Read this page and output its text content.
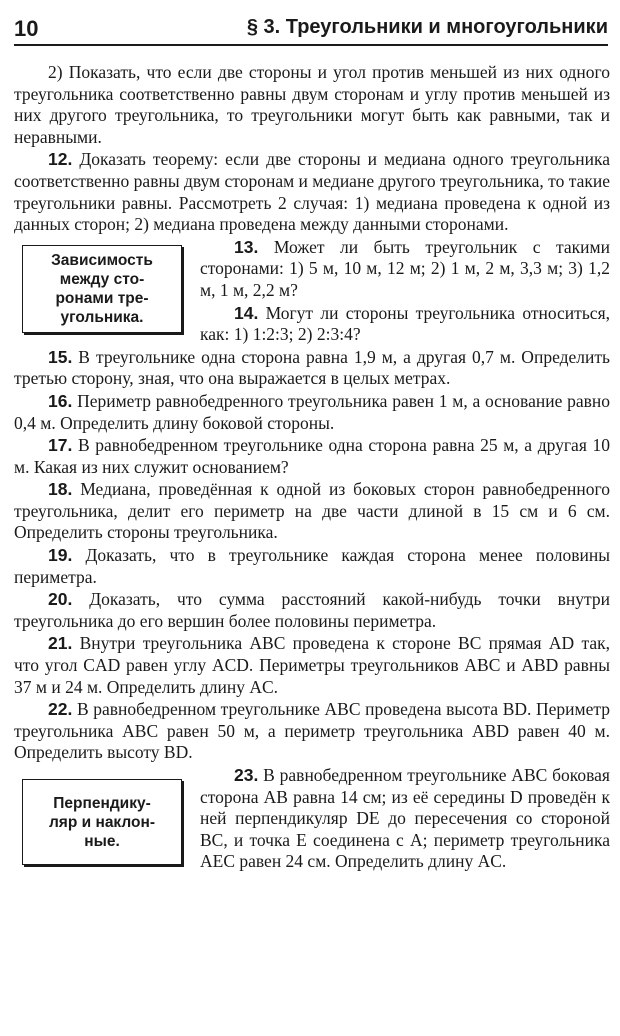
10	§ 3. Треугольники и многоугольники

2) Показать, что если две стороны и угол против меньшей из них одного треугольника соответственно равны двум сторонам и углу против меньшей из них другого треугольника, то треугольники могут быть как равными, так и неравными.

12. Доказать теорему: если две стороны и медиана одного треугольника соответственно равны двум сторонам и медиане другого треугольника, то такие треугольники равны. Рассмотреть 2 случая: 1) медиана проведена к одной из данных сторон; 2) медиана проведена между данными сторонами.

Зависимость
между сто-
ронами тре-
угольника.

13. Может ли быть треугольник с такими сторонами: 1) 5 м, 10 м, 12 м; 2) 1 м, 2 м, 3,3 м; 3) 1,2 м, 1 м, 2,2 м?

14. Могут ли стороны треугольника относиться, как: 1) 1:2:3; 2) 2:3:4?

15. В треугольнике одна сторона равна 1,9 м, а другая 0,7 м. Определить третью сторону, зная, что она выражается в целых метрах.

16. Периметр равнобедренного треугольника равен 1 м, а основание равно 0,4 м. Определить длину боковой стороны.

17. В равнобедренном треугольнике одна сторона равна 25 м, а другая 10 м. Какая из них служит основанием?

18. Медиана, проведённая к одной из боковых сторон равнобедренного треугольника, делит его периметр на две части длиной в 15 см и 6 см. Определить стороны треугольника.

19. Доказать, что в треугольнике каждая сторона менее половины периметра.

20. Доказать, что сумма расстояний какой-нибудь точки внутри треугольника до его вершин более половины периметра.

21. Внутри треугольника ABC проведена к стороне BC прямая AD так, что угол CAD равен углу ACD. Периметры треугольников ABC и ABD равны 37 м и 24 м. Определить длину AC.

22. В равнобедренном треугольнике ABC проведена высота BD. Периметр треугольника ABC равен 50 м, а периметр треугольника ABD равен 40 м. Определить высоту BD.

Перпендику-
ляр и наклон-
ные.

23. В равнобедренном треугольнике ABC боковая сторона AB равна 14 см; из её середины D проведён к ней перпендикуляр DE до пересечения со стороной BC, и точка E соединена с A; периметр треугольника AEC равен 24 см. Определить длину AC.
